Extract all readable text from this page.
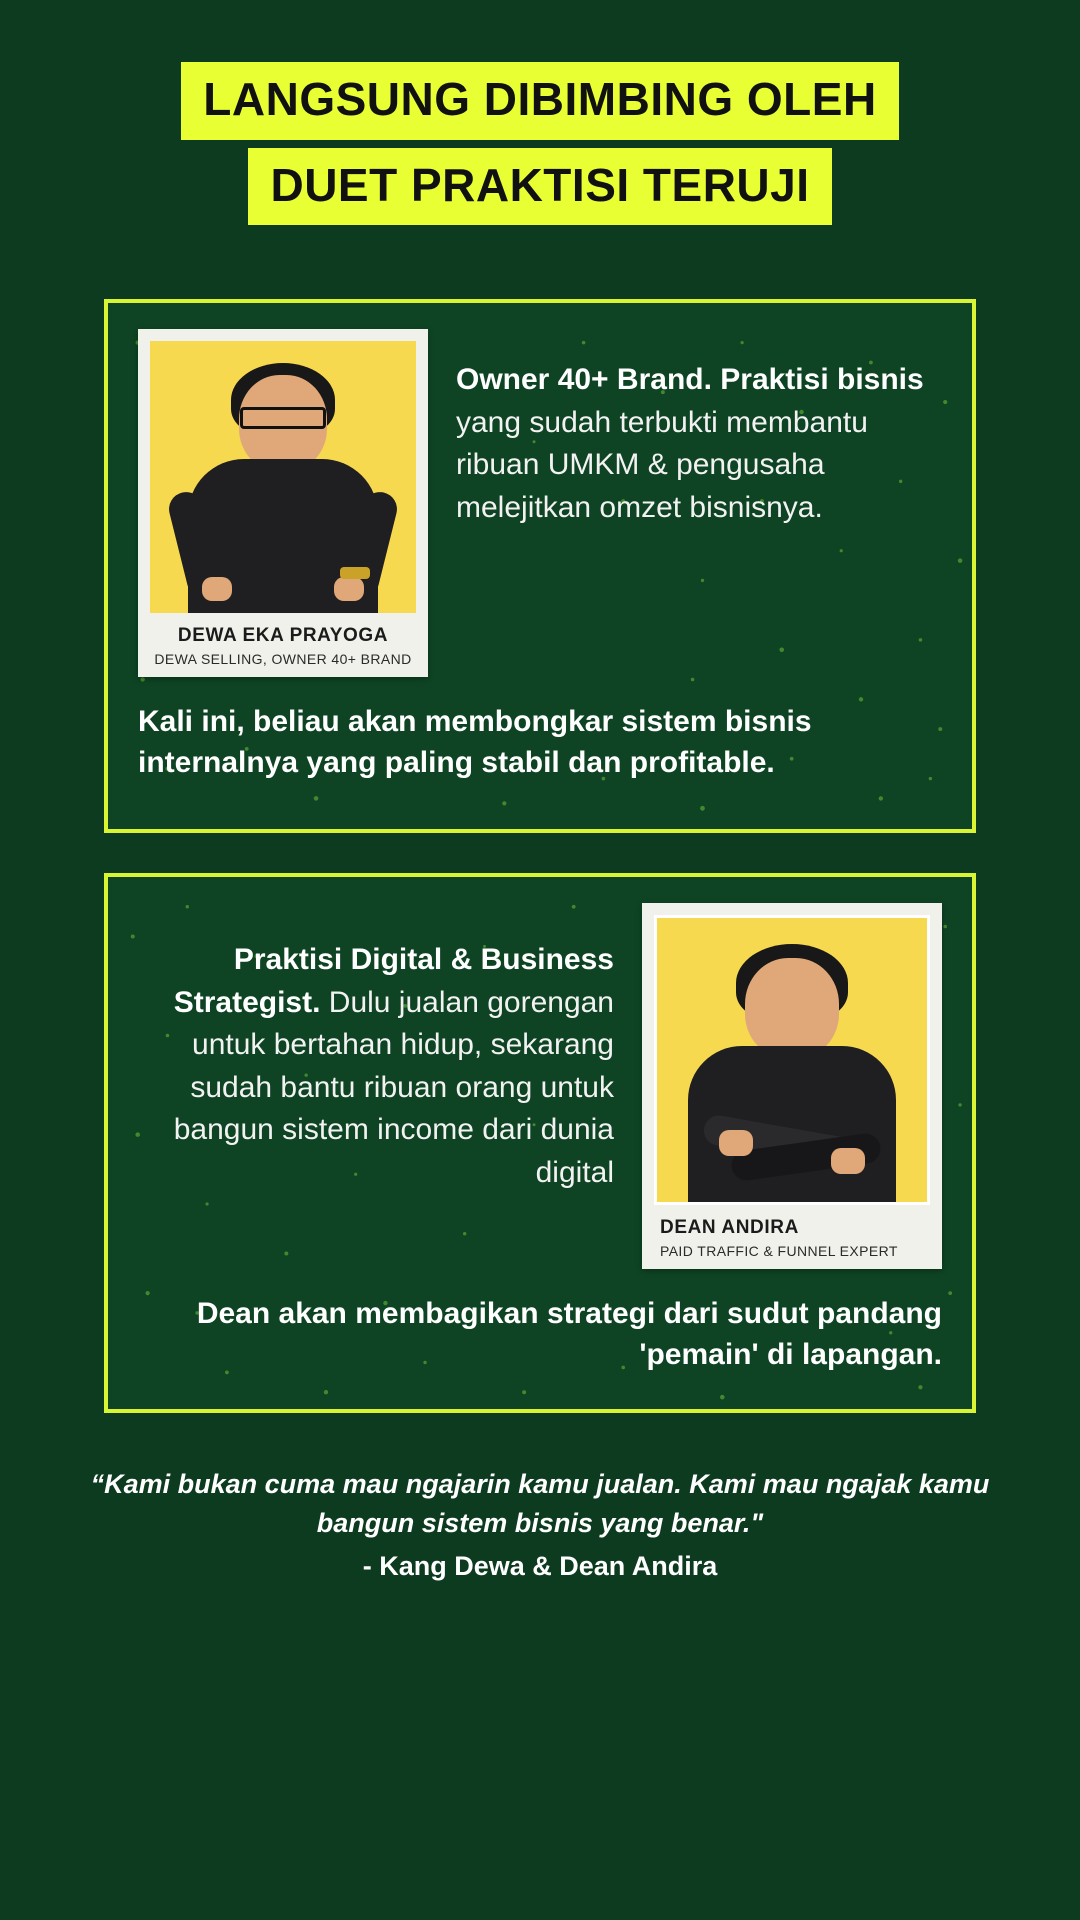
LANGSUNG DIBIMBING OLEH
DUET PRAKTISI TERUJI
DEWA EKA PRAYOGA
DEWA SELLING, OWNER 40+ BRAND
Owner 40+ Brand. Praktisi bisnis yang sudah terbukti membantu ribuan UMKM & pengusaha melejitkan omzet bisnisnya.
Kali ini, beliau akan membongkar sistem bisnis internalnya yang paling stabil dan profitable.
Praktisi Digital & Business Strategist. Dulu jualan gorengan untuk bertahan hidup, sekarang sudah bantu ribuan orang untuk bangun sistem income dari dunia digital
DEAN ANDIRA
PAID TRAFFIC & FUNNEL EXPERT
Dean akan membagikan strategi dari sudut pandang 'pemain' di lapangan.
“Kami bukan cuma mau ngajarin kamu jualan. Kami mau ngajak kamu bangun sistem bisnis yang benar."
- Kang Dewa & Dean Andira
